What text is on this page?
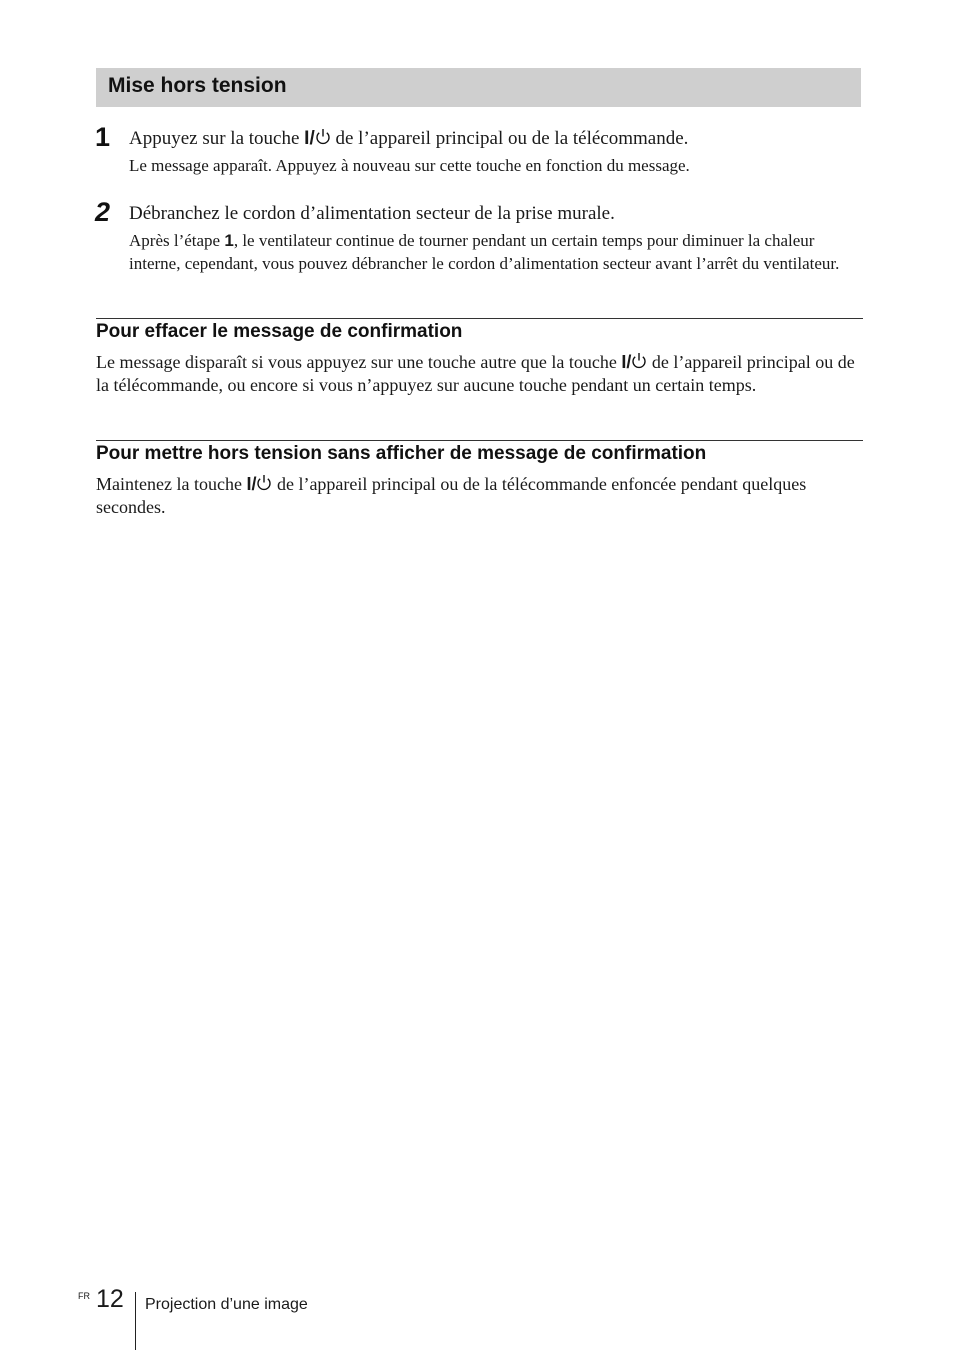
Mise hors tension
1 Appuyez sur la touche I/ de l’appareil principal ou de la télécommande.
Le message apparaît. Appuyez à nouveau sur cette touche en fonction du message.
2 Débranchez le cordon d’alimentation secteur de la prise murale.
Après l’étape 1, le ventilateur continue de tourner pendant un certain temps pour diminuer la chaleur interne, cependant, vous pouvez débrancher le cordon d’alimentation secteur avant l’arrêt du ventilateur.
Pour effacer le message de confirmation
Le message disparaît si vous appuyez sur une touche autre que la touche I/ de l’appareil principal ou de la télécommande, ou encore si vous n’appuyez sur aucune touche pendant un certain temps.
Pour mettre hors tension sans afficher de message de confirmation
Maintenez la touche I/ de l’appareil principal ou de la télécommande enfoncée pendant quelques secondes.
FR 12 Projection d’une image
